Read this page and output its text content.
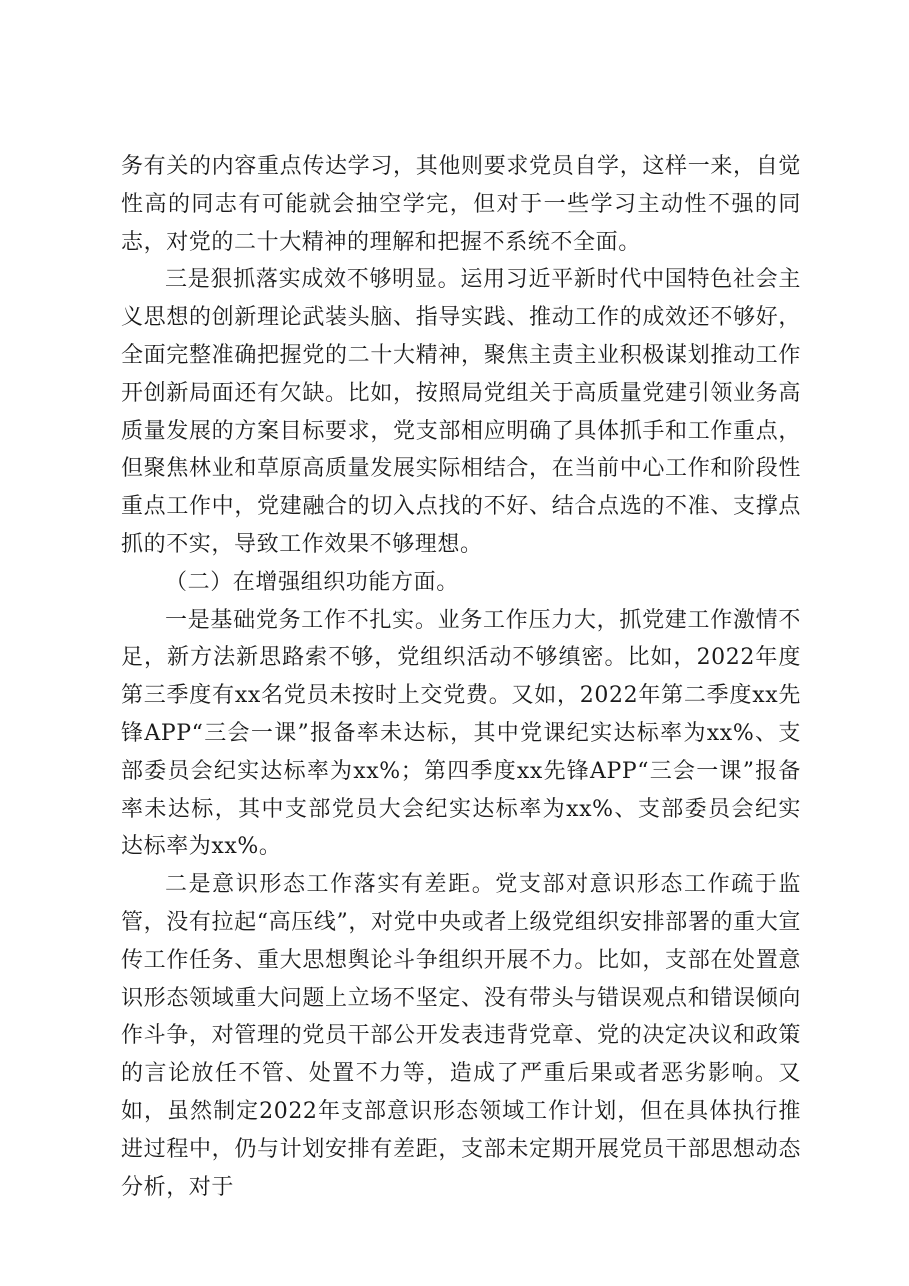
务有关的内容重点传达学习，其他则要求党员自学，这样一来，自觉性高的同志有可能就会抽空学完，但对于一些学习主动性不强的同志，对党的二十大精神的理解和把握不系统不全面。

三是狠抓落实成效不够明显。运用习近平新时代中国特色社会主义思想的创新理论武装头脑、指导实践、推动工作的成效还不够好，全面完整准确把握党的二十大精神，聚焦主责主业积极谋划推动工作开创新局面还有欠缺。比如，按照局党组关于高质量党建引领业务高质量发展的方案目标要求，党支部相应明确了具体抓手和工作重点，但聚焦林业和草原高质量发展实际相结合，在当前中心工作和阶段性重点工作中，党建融合的切入点找的不好、结合点选的不准、支撑点抓的不实，导致工作效果不够理想。

（二）在增强组织功能方面。

一是基础党务工作不扎实。业务工作压力大，抓党建工作激情不足，新方法新思路索不够，党组织活动不够缜密。比如，2022年度第三季度有xx名党员未按时上交党费。又如，2022年第二季度xx先锋APP“三会一课”报备率未达标，其中党课纪实达标率为xx%、支部委员会纪实达标率为xx%；第四季度xx先锋APP“三会一课”报备率未达标，其中支部党员大会纪实达标率为xx%、支部委员会纪实达标率为xx%。

二是意识形态工作落实有差距。党支部对意识形态工作疏于监管，没有拉起“高压线”，对党中央或者上级党组织安排部署的重大宣传工作任务、重大思想舆论斗争组织开展不力。比如，支部在处置意识形态领域重大问题上立场不坚定、没有带头与错误观点和错误倾向作斗争，对管理的党员干部公开发表违背党章、党的决定决议和政策的言论放任不管、处置不力等，造成了严重后果或者恶劣影响。又如，虽然制定2022年支部意识形态领域工作计划，但在具体执行推进过程中，仍与计划安排有差距，支部未定期开展党员干部思想动态分析，对于
